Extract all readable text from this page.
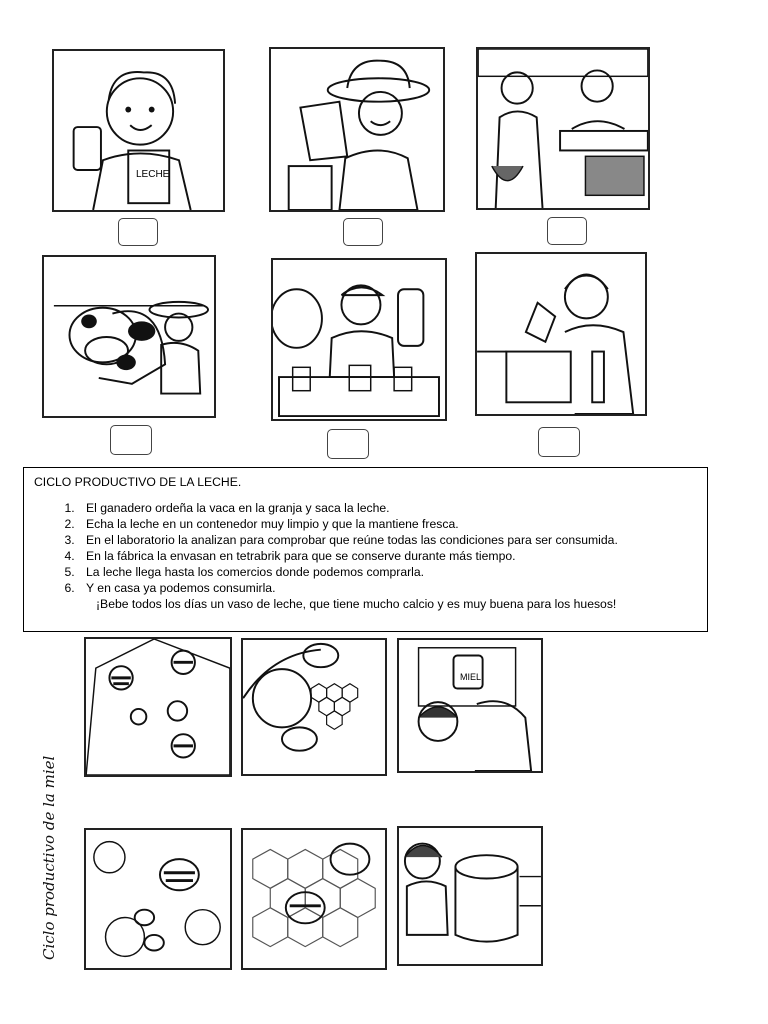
LECHE
CICLO PRODUCTIVO DE LA LECHE.
1. El ganadero ordeña la vaca en la granja y saca la leche.
2. Echa la leche en un contenedor muy limpio y que la mantiene fresca.
3. En el laboratorio la analizan para comprobar que reúne todas las condiciones para ser consumida.
4. En la fábrica la envasan en tetrabrik para que se conserve durante más tiempo.
5. La leche llega hasta los comercios donde podemos comprarla.
6. Y en casa ya podemos consumirla.
¡Bebe todos los días un vaso de leche, que tiene mucho calcio y es muy buena para los huesos!
MIEL
Ciclo productivo de la miel
